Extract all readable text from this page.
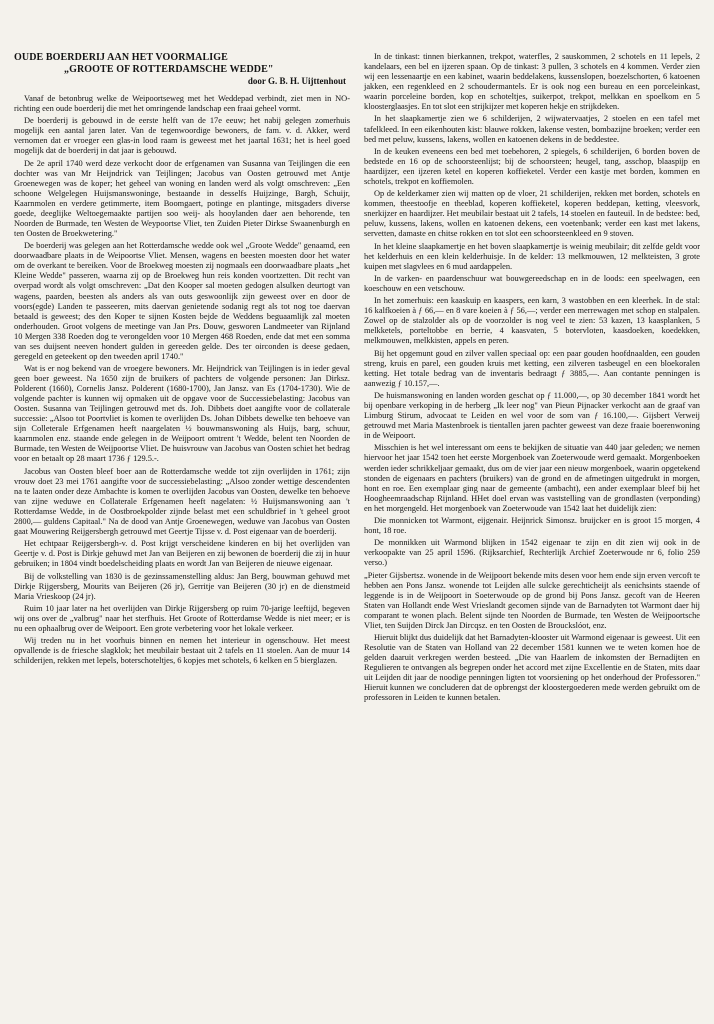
OUDE BOERDERIJ AAN HET VOORMALIGE
„GROOTE OF ROTTERDAMSCHE WEDDE"
door G. B. H. Uijttenhout

Vanaf de betonbrug welke de Weipoortseweg met het Weddepad verbindt, ziet men in NO-richting een oude boerderij die met het omringende landschap een fraai geheel vormt.

De boerderij is gebouwd in de eerste helft van de 17e eeuw; het nabij gelegen zomerhuis mogelijk een aantal jaren later. Van de tegenwoordige bewoners, de fam. v. d. Akker, werd vernomen dat er vroeger een glas-in lood raam is geweest met het jaartal 1631; het is heel goed mogelijk dat de boerderij in dat jaar is gebouwd.

De 2e april 1740 werd deze verkocht door de erfgenamen van Susanna van Teijlingen die een dochter was van Mr Heijndrick van Teijlingen; Jacobus van Oosten getrouwd met Antje Groenewegen was de koper; het geheel van woning en landen werd als volgt omschreven: „Een schoone Welgelegen Huijsmanswoninge, bestaande in desselfs Huijzinge, Bargh, Schuijr, Kaarnmolen en verdere getimmerte, item Boomgaert, potinge en plantinge, mitsgaders diverse goede, deeglijke Weltoegemaakte partijen soo weij- als hooylanden daer aen behorende, ten Noorden de Burmade, ten Westen de Weypoortse Vliet, ten Zuiden Pieter Dirkse Swaanenburgh en ten Oosten de Broekwetering."

De boerderij was gelegen aan het Rotterdamsche wedde ook wel „Groote Wedde" genaamd, een doorwaadbare plaats in de Weipoortse Vliet. Mensen, wagens en beesten moesten door het water om de overkant te bereiken. Voor de Broekweg moesten zij nogmaals een doorwaadbare plaats „het Kleine Wedde" passeren, waarna zij op de Broekweg hun reis konden voortzetten. Dit recht van overpad wordt als volgt omschreven: „Dat den Kooper sal moeten gedogen alsulken deurtogt van wagens, paarden, beesten als anders als van outs geswoonlijk zijn geweest over en door de voors(egde) Landen te passeeren, mits daervan genietende sodanig regt als tot nog toe daervan betaald is geweest; des den Koper te sijnen Kosten bejde de Weddens beguaamlijk zal moeten onderhouden. Groot volgens de meetinge van Jan Prs. Douw, gesworen Landmeeter van Rijnland 10 Mergen 338 Roeden dog te verongelden voor 10 Mergen 468 Roeden, ende dat met een somma van ses duijsent neeven hondert gulden in gereeden gelde. Des ter oirconden is deese gedaen, geregeld en geteekent op den tweeden april 1740."

Wat is er nog bekend van de vroegere bewoners. Mr. Heijndrick van Teijlingen is in ieder geval geen boer geweest. Na 1650 zijn de bruikers of pachters de volgende personen: Jan Dirksz. Polderent (1660), Cornelis Jansz. Polderent (1680-1700), Jan Jansz. van Es (1704-1730). Wie de volgende pachter is kunnen wij opmaken uit de opgave voor de Successiebelasting: Jacobus van Oosten. Susanna van Teijlingen getrouwd met ds. Joh. Dibbets doet aangifte voor de collaterale successie: „Alsoo tot Poortvliet is komen te overlijden Ds. Johan Dibbets dewelke ten behoeve van sijn Colleterale Erfgenamen heeft naargelaten ½ bouwmanswoning als Huijs, barg, schuur, kaarnmolen enz. staande ende gelegen in de Weijpoort omtrent 't Wedde, belent ten Noorden de Burmade, ten Westen de Weijpoortse Vliet. De huisvrouw van Jacobus van Oosten schiet het bedrag voor en betaalt op 28 maart 1736 ƒ 129.5.-.

Jacobus van Oosten bleef boer aan de Rotterdamsche wedde tot zijn overlijden in 1761; zijn vrouw doet 23 mei 1761 aangifte voor de successiebelasting: „Alsoo zonder wettige descendenten na te laaten onder deze Ambachte is komen te overlijden Jacobus van Oosten, dewelke ten behoeve van zijne weduwe en Collaterale Erfgenamen heeft nagelaten: ½ Huijsmanswoning aan 't Rotterdamse Wedde, in de Oostbroekpolder zijnde belast met een schuldbrief in 't geheel groot 2800,— guldens Capitaal." Na de dood van Antje Groenewegen, weduwe van Jacobus van Oosten gaat Mouwering Reijgersbergh getrouwd met Geertje Tijsse v. d. Post eigenaar van de boerderij.

Het echtpaar Reijgersbergh-v. d. Post krijgt verscheidene kinderen en bij het overlijden van Geertje v. d. Post is Dirkje gehuwd met Jan van Beijeren en zij bewonen de boerderij die zij in huur gebruiken; in 1804 vindt boedelscheiding plaats en wordt Jan van Beijeren de nieuwe eigenaar.

Bij de volkstelling van 1830 is de gezinssamenstelling aldus: Jan Berg, bouwman gehuwd met Dirkje Rijgersberg, Mourits van Beijeren (26 jr), Gerritje van Beijeren (30 jr) en de dienstmeid Maria Vrieskoop (24 jr).

Ruim 10 jaar later na het overlijden van Dirkje Rijgersberg op ruim 70-jarige leeftijd, begeven wij ons over de „valbrug" naar het sterfhuis. Het Groote of Rotterdamse Wedde is niet meer; er is nu een ophaalbrug over de Weipoort. Een grote verbetering voor het lokale verkeer.

Wij treden nu in het voorhuis binnen en nemen het interieur in ogenschouw. Het meest opvallende is de friesche slagklok; het meubilair bestaat uit 2 tafels en 11 stoelen. Aan de muur 14 schilderijen, rekken met lepels, boterschoteltjes, 6 kopjes met schotels, 6 kelken en 5 bierglazen.

In de tinkast: tinnen bierkannen, trekpot, waterfles, 2 sauskommen, 2 schotels en 11 lepels, 2 kandelaars, een bel en ijzeren spaan. Op de tinkast: 3 pullen, 3 schotels en 4 kommen. Verder zien wij een lessenaartje en een kabinet, waarin beddelakens, kussenslopen, boezelschorten, 6 katoenen jakken, een regenkleed en 2 schoudermantels. Er is ook nog een bureau en een porceleinkast, waarin porceleine borden, kop en schoteltjes, suikerpot, trekpot, melkkan en spoelkom en 5 kloosterglaasjes. En tot slot een strijkijzer met koperen hekje en strijkdeken.

In het slaapkamertje zien we 6 schilderijen, 2 wijwatervaatjes, 2 stoelen en een tafel met tafelkleed. In een eikenhouten kist: blauwe rokken, lakense vesten, bombazijne broeken; verder een bed met peluw, kussens, lakens, wollen en katoenen dekens in de beddestee.

In de keuken eveneens een bed met toebehoren, 2 spiegels, 6 schilderijen, 6 borden boven de bedstede en 16 op de schoorsteenlijst; bij de schoorsteen; heugel, tang, asschop, blaaspijp en haardijzer, een ijzeren ketel en koperen koffieketel. Verder een kastje met borden, kommen en schotels, trekpot en koffiemolen.

Op de kelderkamer zien wij matten op de vloer, 21 schilderijen, rekken met borden, schotels en kommen, theestoofje en theeblad, koperen koffieketel, koperen beddepan, ketting, vleesvork, snerkijzer en haardijzer. Het meubilair bestaat uit 2 tafels, 14 stoelen en fauteuil. In de bedstee: bed, peluw, kussens, lakens, wollen en katoenen dekens, een voetenbank; verder een kast met lakens, servetten, damaste en chitse rokken en tot slot een schoorsteenkleed en 9 stoven.

In het kleine slaapkamertje en het boven slaapkamertje is weinig meubilair; dit zelfde geldt voor het kelderhuis en een klein kelderhuisje. In de kelder: 13 melkmouwen, 12 melkteisten, 3 grote kuipen met slagvlees en 6 mud aardappelen.

In de varken- en paardenschuur wat bouwgereedschap en in de loods: een speelwagen, een koeschouw en een vetschouw.

In het zomerhuis: een kaaskuip en kaaspers, een karn, 3 wastobben en een kleerhek. In de stal: 16 kalfkoeien à ƒ 66,— en 8 vare koeien à ƒ 56,—; verder een merrewagen met schop en stalpalen. Zowel op de stalzolder als op de voorzolder is nog veel te zien: 53 kazen, 13 kaasplanken, 5 melkketels, porteltobbe en berrie, 4 kaasvaten, 5 botervloten, kaasdoeken, koedekken, melkmouwen, melkkisten, appels en peren.

Bij het opgemunt goud en zilver vallen speciaal op: een paar gouden hoofdnaalden, een gouden streng, kruis en parel, een gouden kruis met ketting, een zilveren tasbeugel en een bloekoralen ketting. Het totale bedrag van de inventaris bedraagt ƒ 3885,—. Aan contante penningen is aanwezig ƒ 10.157,—.

De huismanswoning en landen worden geschat op ƒ 11.000,—, op 30 december 1841 wordt het bij openbare verkoping in de herberg „Ik leer nog" van Pieun Pijnacker verkocht aan de graaf van Limburg Stirum, advocaat te Leiden en wel voor de som van ƒ 16.100,—. Gijsbert Verweij getrouwd met Maria Mastenbroek is tientallen jaren pachter geweest van deze fraaie boerenwoning in de Weipoort.

Misschien is het wel interessant om eens te bekijken de situatie van 440 jaar geleden; we nemen hiervoor het jaar 1542 toen het eerste Morgenboek van Zoeterwoude werd gemaakt. Morgenboeken werden ieder schrikkeljaar gemaakt, dus om de vier jaar een nieuw morgenboek, waarin opgetekend stonden de eigenaars en pachters (bruikers) van de grond en de afmetingen uitgedrukt in morgen, hont en roe. Een exemplaar ging naar de gemeente (ambacht), een ander exemplaar bleef bij het Hoogheemraadschap Rijnland. HHet doel ervan was vaststelling van de grondlasten (verponding) en het morgengeld. Het morgenboek van Zoeterwoude van 1542 laat het duidelijk zien:

Die monnicken tot Warmont, eijgenair. Heijnrick Simonsz. bruijcker en is groot 15 morgen, 4 hont, 18 roe.

De monnikken uit Warmond blijken in 1542 eigenaar te zijn en dit zien wij ook in de verkoopakte van 25 april 1596. (Rijksarchief, Rechterlijk Archief Zoeterwoude nr 6, folio 259 verso.)

„Pieter Gijsbertsz. wonende in de Weijpoort bekende mits desen voor hem ende sijn erven vercoft te hebben aen Pons Jansz. wonende tot Leijden alle sulcke gerechticheijt als eenichsints staende of leggende is in de Weijpoort in Soeterwoude op de grond bij Pons Jansz. gecoft van de Heeren Staten van Hollandt ende West Vrieslandt gecomen sijnde van de Barnadyten tot Warmont daer hij comparant te wonen plach. Belent sijnde ten Noorden de Burmade, ten Westen de Weijpoortsche Vliet, ten Suijden Dirck Jan Dircqsz. en ten Oosten de Brouckslóot, enz.

Hieruit blijkt dus duidelijk dat het Barnadyten-klooster uit Warmond eigenaar is geweest. Uit een Resolutie van de Staten van Holland van 22 december 1581 kunnen we te weten komen hoe de gelden daaruit verkregen werden besteed. „Die van Haarlem de inkomsten der Bernadijten en Regulieren te ontvangen als begrepen onder het accord met zijne Excellentie en de Staten, mits daar uit Leijden dit jaar de noodige penningen ligten tot voorsiening op het onderhoud der Professoren." Hieruit kunnen we concluderen dat de opbrengst der kloostergoederen mede werden gebruikt om de professoren in Leiden te kunnen betalen.
